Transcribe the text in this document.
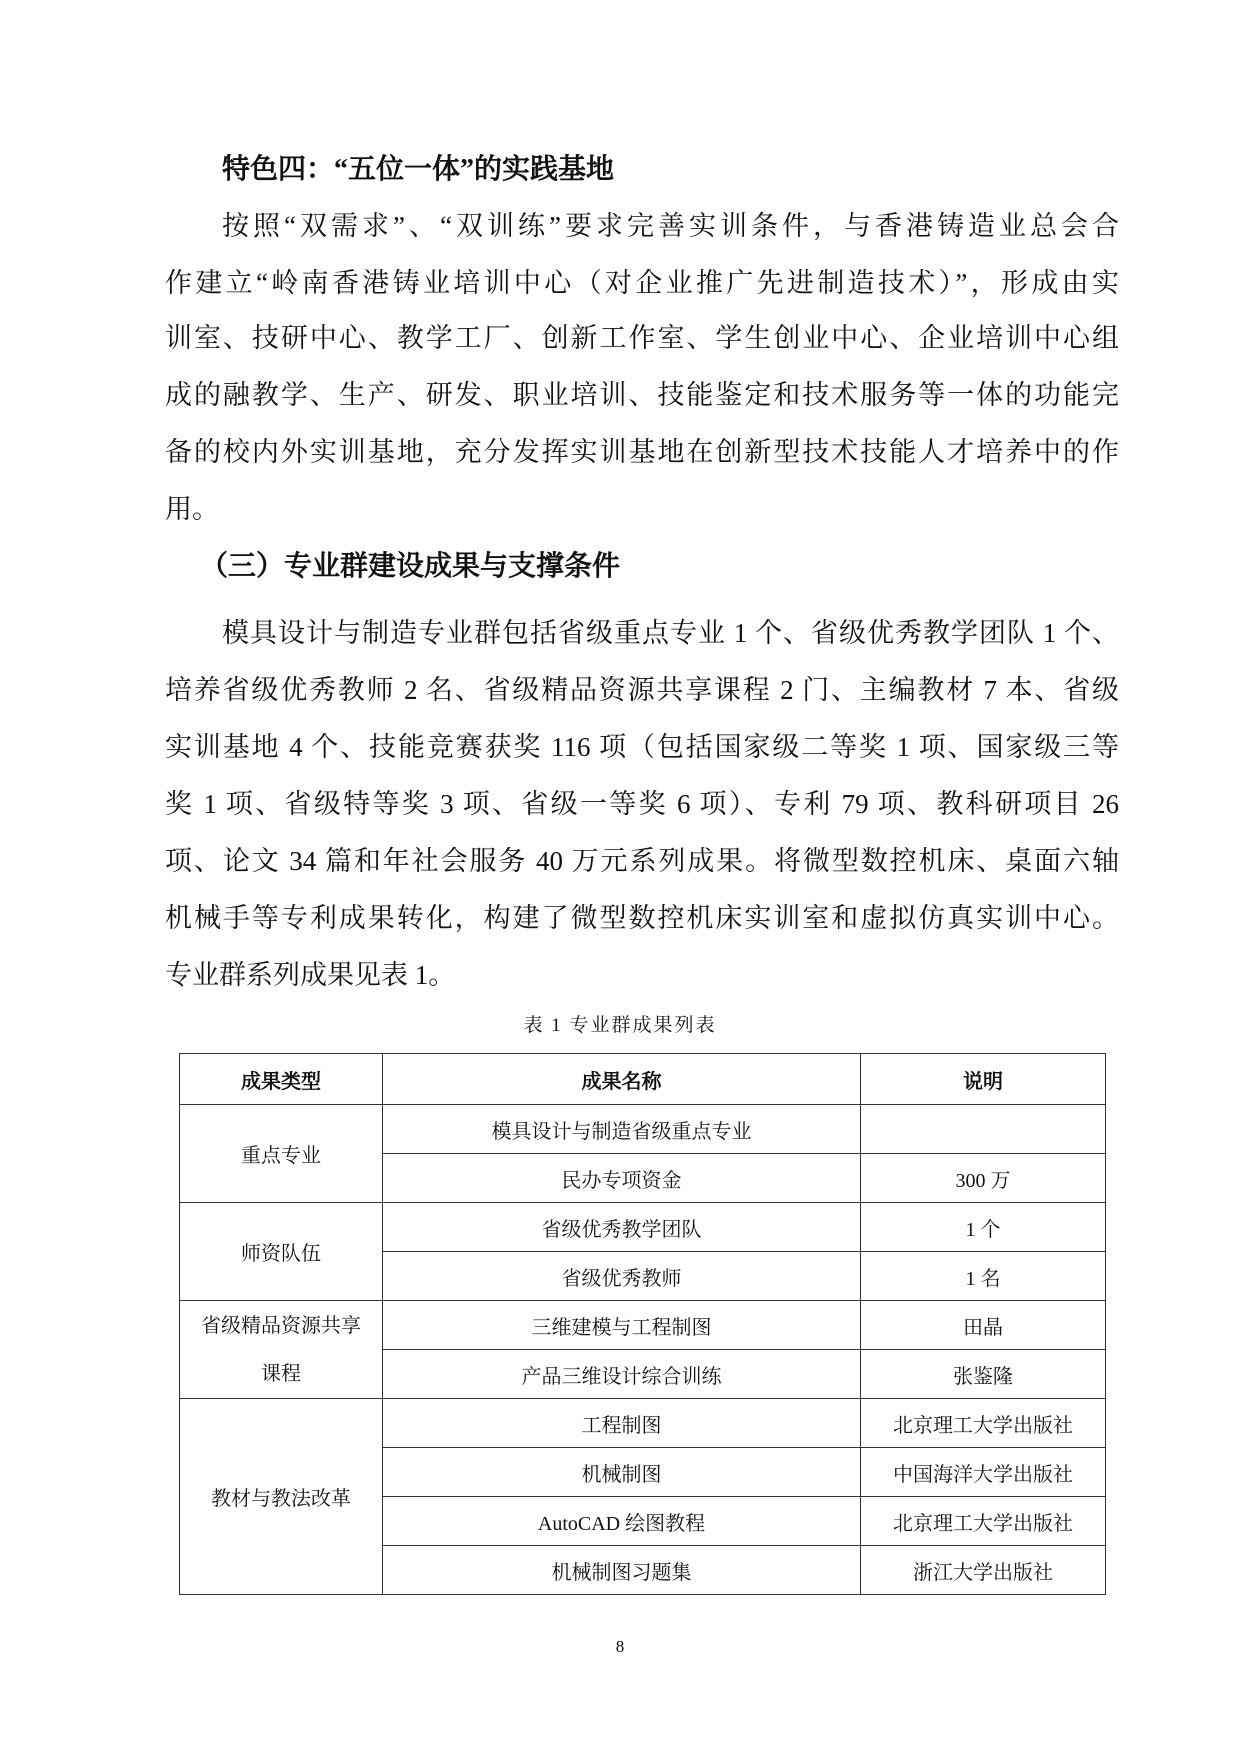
特色四：“五位一体”的实践基地
按照“双需求”、“双训练”要求完善实训条件，与香港铸造业总会合
作建立“岭南香港铸业培训中心（对企业推广先进制造技术）”，形成由实
训室、技研中心、教学工厂、创新工作室、学生创业中心、企业培训中心组
成的融教学、生产、研发、职业培训、技能鉴定和技术服务等一体的功能完
备的校内外实训基地，充分发挥实训基地在创新型技术技能人才培养中的作
用。
（三）专业群建设成果与支撑条件
模具设计与制造专业群包括省级重点专业 1 个、省级优秀教学团队 1 个、
培养省级优秀教师 2 名、省级精品资源共享课程 2 门、主编教材 7 本、省级
实训基地 4 个、技能竞赛获奖 116 项（包括国家级二等奖 1 项、国家级三等
奖 1 项、省级特等奖 3 项、省级一等奖 6 项）、专利 79 项、教科研项目 26
项、论文 34 篇和年社会服务 40 万元系列成果。将微型数控机床、桌面六轴
机械手等专利成果转化，构建了微型数控机床实训室和虚拟仿真实训中心。
专业群系列成果见表 1。
表 1 专业群成果列表
成果类型	成果名称	说明
重点专业	模具设计与制造省级重点专业	
	民办专项资金	300 万
师资队伍	省级优秀教学团队	1 个
	省级优秀教师	1 名

省级精品资源共享
课程	三维建模与工程制图	田晶
	产品三维设计综合训练	张鉴隆
教材与教法改革	工程制图	北京理工大学出版社
	机械制图	中国海洋大学出版社
	AutoCAD 绘图教程	北京理工大学出版社
	机械制图习题集	浙江大学出版社
8
